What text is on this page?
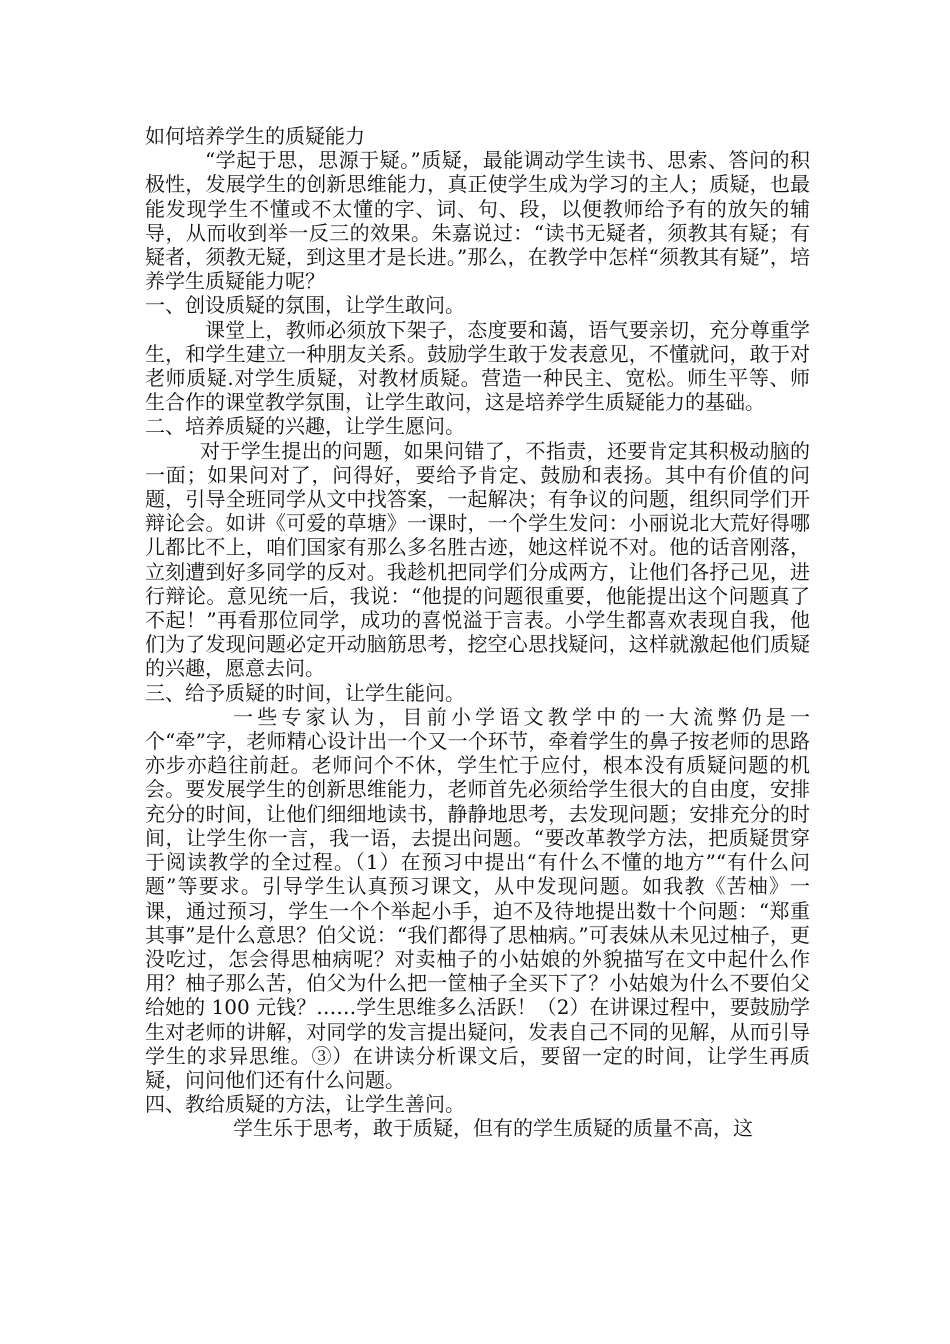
如何培养学生的质疑能力

“学起于思，思源于疑。”质疑，最能调动学生读书、思索、答问的积极性，发展学生的创新思维能力，真正使学生成为学习的主人；质疑，也最能发现学生不懂或不太懂的字、词、句、段，以便教师给予有的放矢的辅导，从而收到举一反三的效果。朱嘉说过：“读书无疑者，须教其有疑；有疑者，须教无疑，到这里才是长进。”那么，在教学中怎样“须教其有疑”，培养学生质疑能力呢？

一、创设质疑的氛围，让学生敢问。

课堂上，教师必须放下架子，态度要和蔼，语气要亲切，充分尊重学生，和学生建立一种朋友关系。鼓励学生敢于发表意见，不懂就问，敢于对老师质疑.对学生质疑，对教材质疑。营造一种民主、宽松。师生平等、师生合作的课堂教学氛围，让学生敢问，这是培养学生质疑能力的基础。

二、培养质疑的兴趣，让学生愿问。

对于学生提出的问题，如果问错了，不指责，还要肯定其积极动脑的一面；如果问对了，问得好，要给予肯定、鼓励和表扬。其中有价值的问题，引导全班同学从文中找答案，一起解决；有争议的问题，组织同学们开辩论会。如讲《可爱的草塘》一课时，一个学生发问：小丽说北大荒好得哪儿都比不上，咱们国家有那么多名胜古迹，她这样说不对。他的话音刚落，立刻遭到好多同学的反对。我趁机把同学们分成两方，让他们各抒己见，进行辩论。意见统一后，我说：“他提的问题很重要，他能提出这个问题真了不起！”再看那位同学，成功的喜悦溢于言表。小学生都喜欢表现自我，他们为了发现问题必定开动脑筋思考，挖空心思找疑问，这样就激起他们质疑的兴趣，愿意去问。

三、给予质疑的时间，让学生能问。

一些专家认为，目前小学语文教学中的一大流弊仍是一个“牵”字，老师精心设计出一个又一个环节，牵着学生的鼻子按老师的思路亦步亦趋往前赶。老师问个不休，学生忙于应付，根本没有质疑问题的机会。要发展学生的创新思维能力，老师首先必须给学生很大的自由度，安排充分的时间，让他们细细地读书，静静地思考，去发现问题；安排充分的时间，让学生你一言，我一语，去提出问题。“要改革教学方法，把质疑贯穿于阅读教学的全过程。（1）在预习中提出“有什么不懂的地方”“有什么问题”等要求。引导学生认真预习课文，从中发现问题。如我教《苦柚》一课，通过预习，学生一个个举起小手，迫不及待地提出数十个问题：“郑重其事”是什么意思？伯父说：“我们都得了思柚病。”可表妹从未见过柚子，更没吃过，怎会得思柚病呢？对卖柚子的小姑娘的外貌描写在文中起什么作用？柚子那么苦，伯父为什么把一筐柚子全买下了？小姑娘为什么不要伯父给她的 100 元钱？……学生思维多么活跃！（2）在讲课过程中，要鼓励学生对老师的讲解，对同学的发言提出疑问，发表自己不同的见解，从而引导学生的求异思维。③）在讲读分析课文后，要留一定的时间，让学生再质疑，问问他们还有什么问题。

四、教给质疑的方法，让学生善问。

学生乐于思考，敢于质疑，但有的学生质疑的质量不高，这
